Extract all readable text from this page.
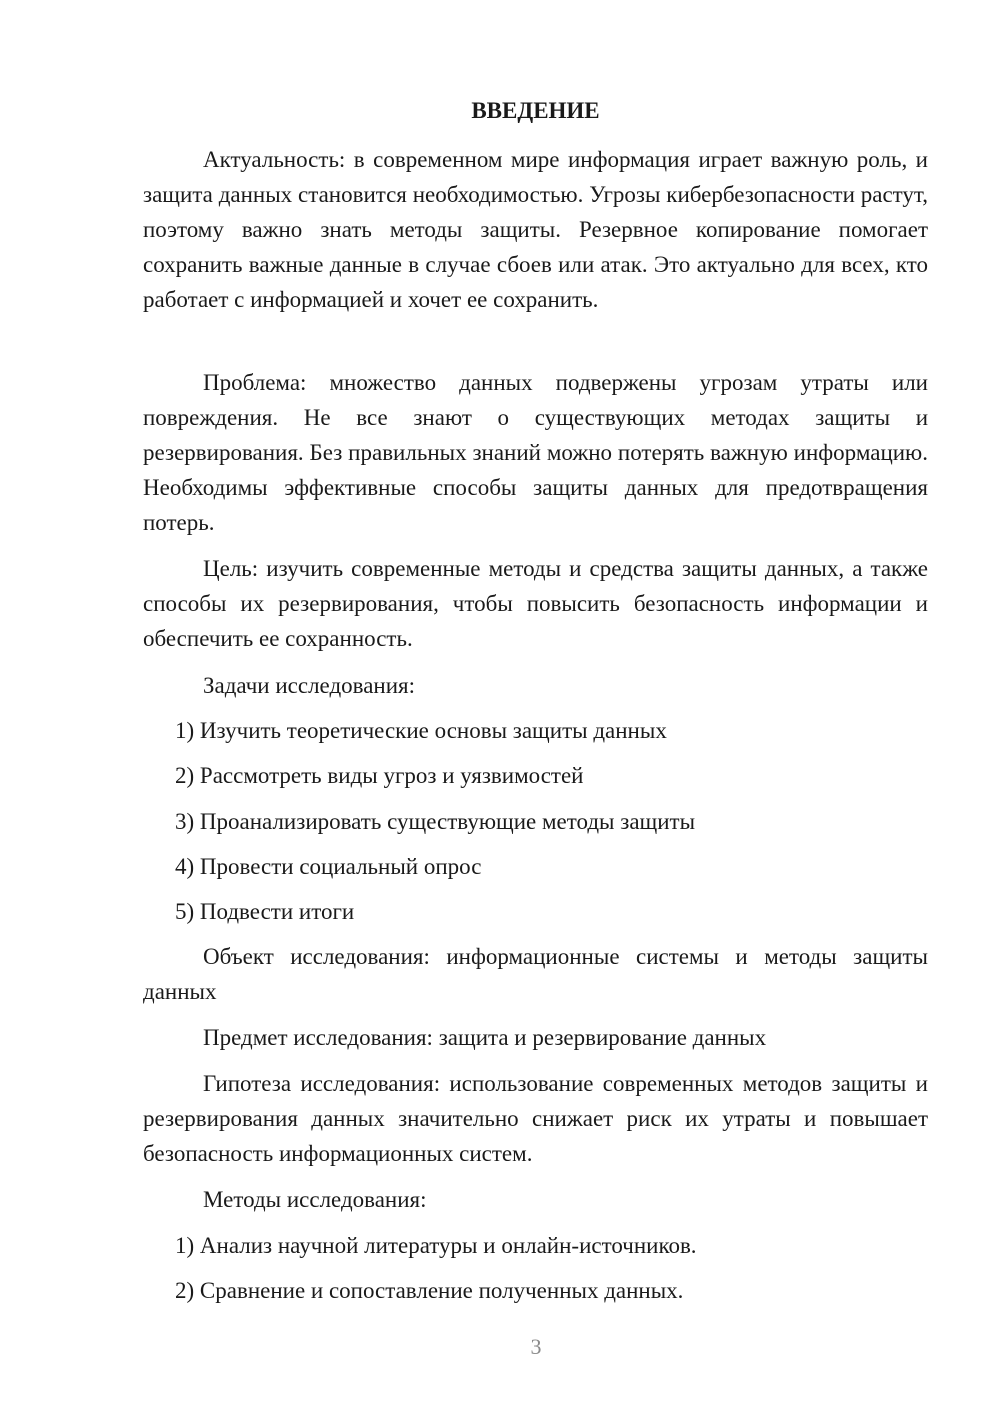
ВВЕДЕНИЕ

Актуальность: в современном мире информация играет важную роль, и защита данных становится необходимостью. Угрозы кибербезопасности растут, поэтому важно знать методы защиты. Резервное копирование помогает сохранить важные данные в случае сбоев или атак. Это актуально для всех, кто работает с информацией и хочет ее сохранить.

Проблема: множество данных подвержены угрозам утраты или повреждения. Не все знают о существующих методах защиты и резервирования. Без правильных знаний можно потерять важную информацию. Необходимы эффективные способы защиты данных для предотвращения потерь.

Цель: изучить современные методы и средства защиты данных, а также способы их резервирования, чтобы повысить безопасность информации и обеспечить ее сохранность.

Задачи исследования:

1) Изучить теоретические основы защиты данных

2) Рассмотреть виды угроз и уязвимостей

3) Проанализировать существующие методы защиты

4) Провести социальный опрос

5) Подвести итоги

Объект исследования: информационные системы и методы защиты данных

Предмет исследования: защита и резервирование данных

Гипотеза исследования: использование современных методов защиты и резервирования данных значительно снижает риск их утраты и повышает безопасность информационных систем.

Методы исследования:

1) Анализ научной литературы и онлайн-источников.

2) Сравнение и сопоставление полученных данных.

3
